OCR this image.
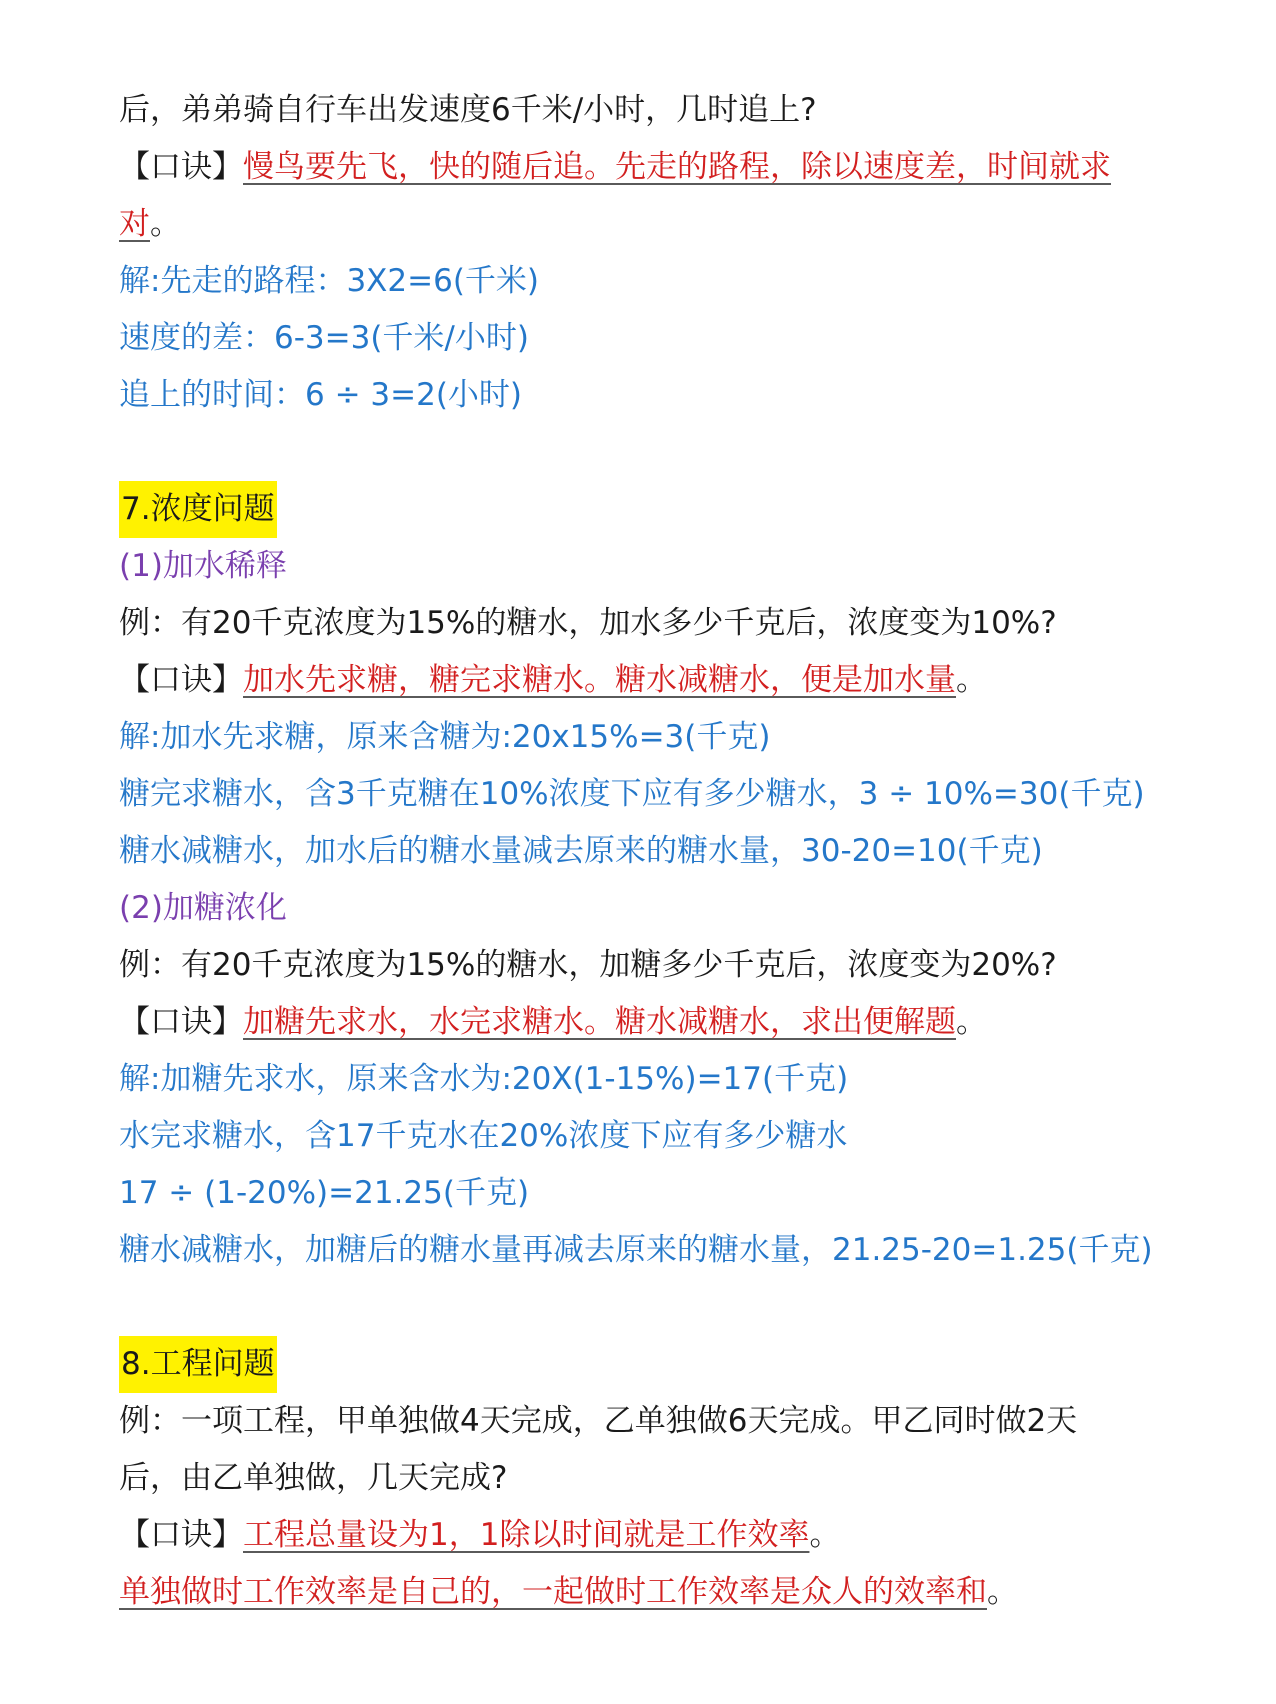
后，弟弟骑自行车出发速度6千米/小时，几时追上?
【口诀】慢鸟要先飞，快的随后追。先走的路程，除以速度差，时间就求
对。
解:先走的路程：3X2=6(千米)
速度的差：6-3=3(千米/小时)
追上的时间：6 ÷ 3=2(小时)
7.浓度问题
(1)加水稀释
例：有20千克浓度为15%的糖水，加水多少千克后，浓度变为10%?
【口诀】加水先求糖，糖完求糖水。糖水减糖水，便是加水量。
解:加水先求糖，原来含糖为:20x15%=3(千克)
糖完求糖水，含3千克糖在10%浓度下应有多少糖水，3 ÷ 10%=30(千克)
糖水减糖水，加水后的糖水量减去原来的糖水量，30-20=10(千克)
(2)加糖浓化
例：有20千克浓度为15%的糖水，加糖多少千克后，浓度变为20%?
【口诀】加糖先求水，水完求糖水。糖水减糖水，求出便解题。
解:加糖先求水，原来含水为:20X(1-15%)=17(千克)
水完求糖水，含17千克水在20%浓度下应有多少糖水
17 ÷ (1-20%)=21.25(千克)
糖水减糖水，加糖后的糖水量再减去原来的糖水量，21.25-20=1.25(千克)
8.工程问题
例：一项工程，甲单独做4天完成，乙单独做6天完成。甲乙同时做2天
后，由乙单独做，几天完成?
【口诀】工程总量设为1，1除以时间就是工作效率。
单独做时工作效率是自己的，一起做时工作效率是众人的效率和。
